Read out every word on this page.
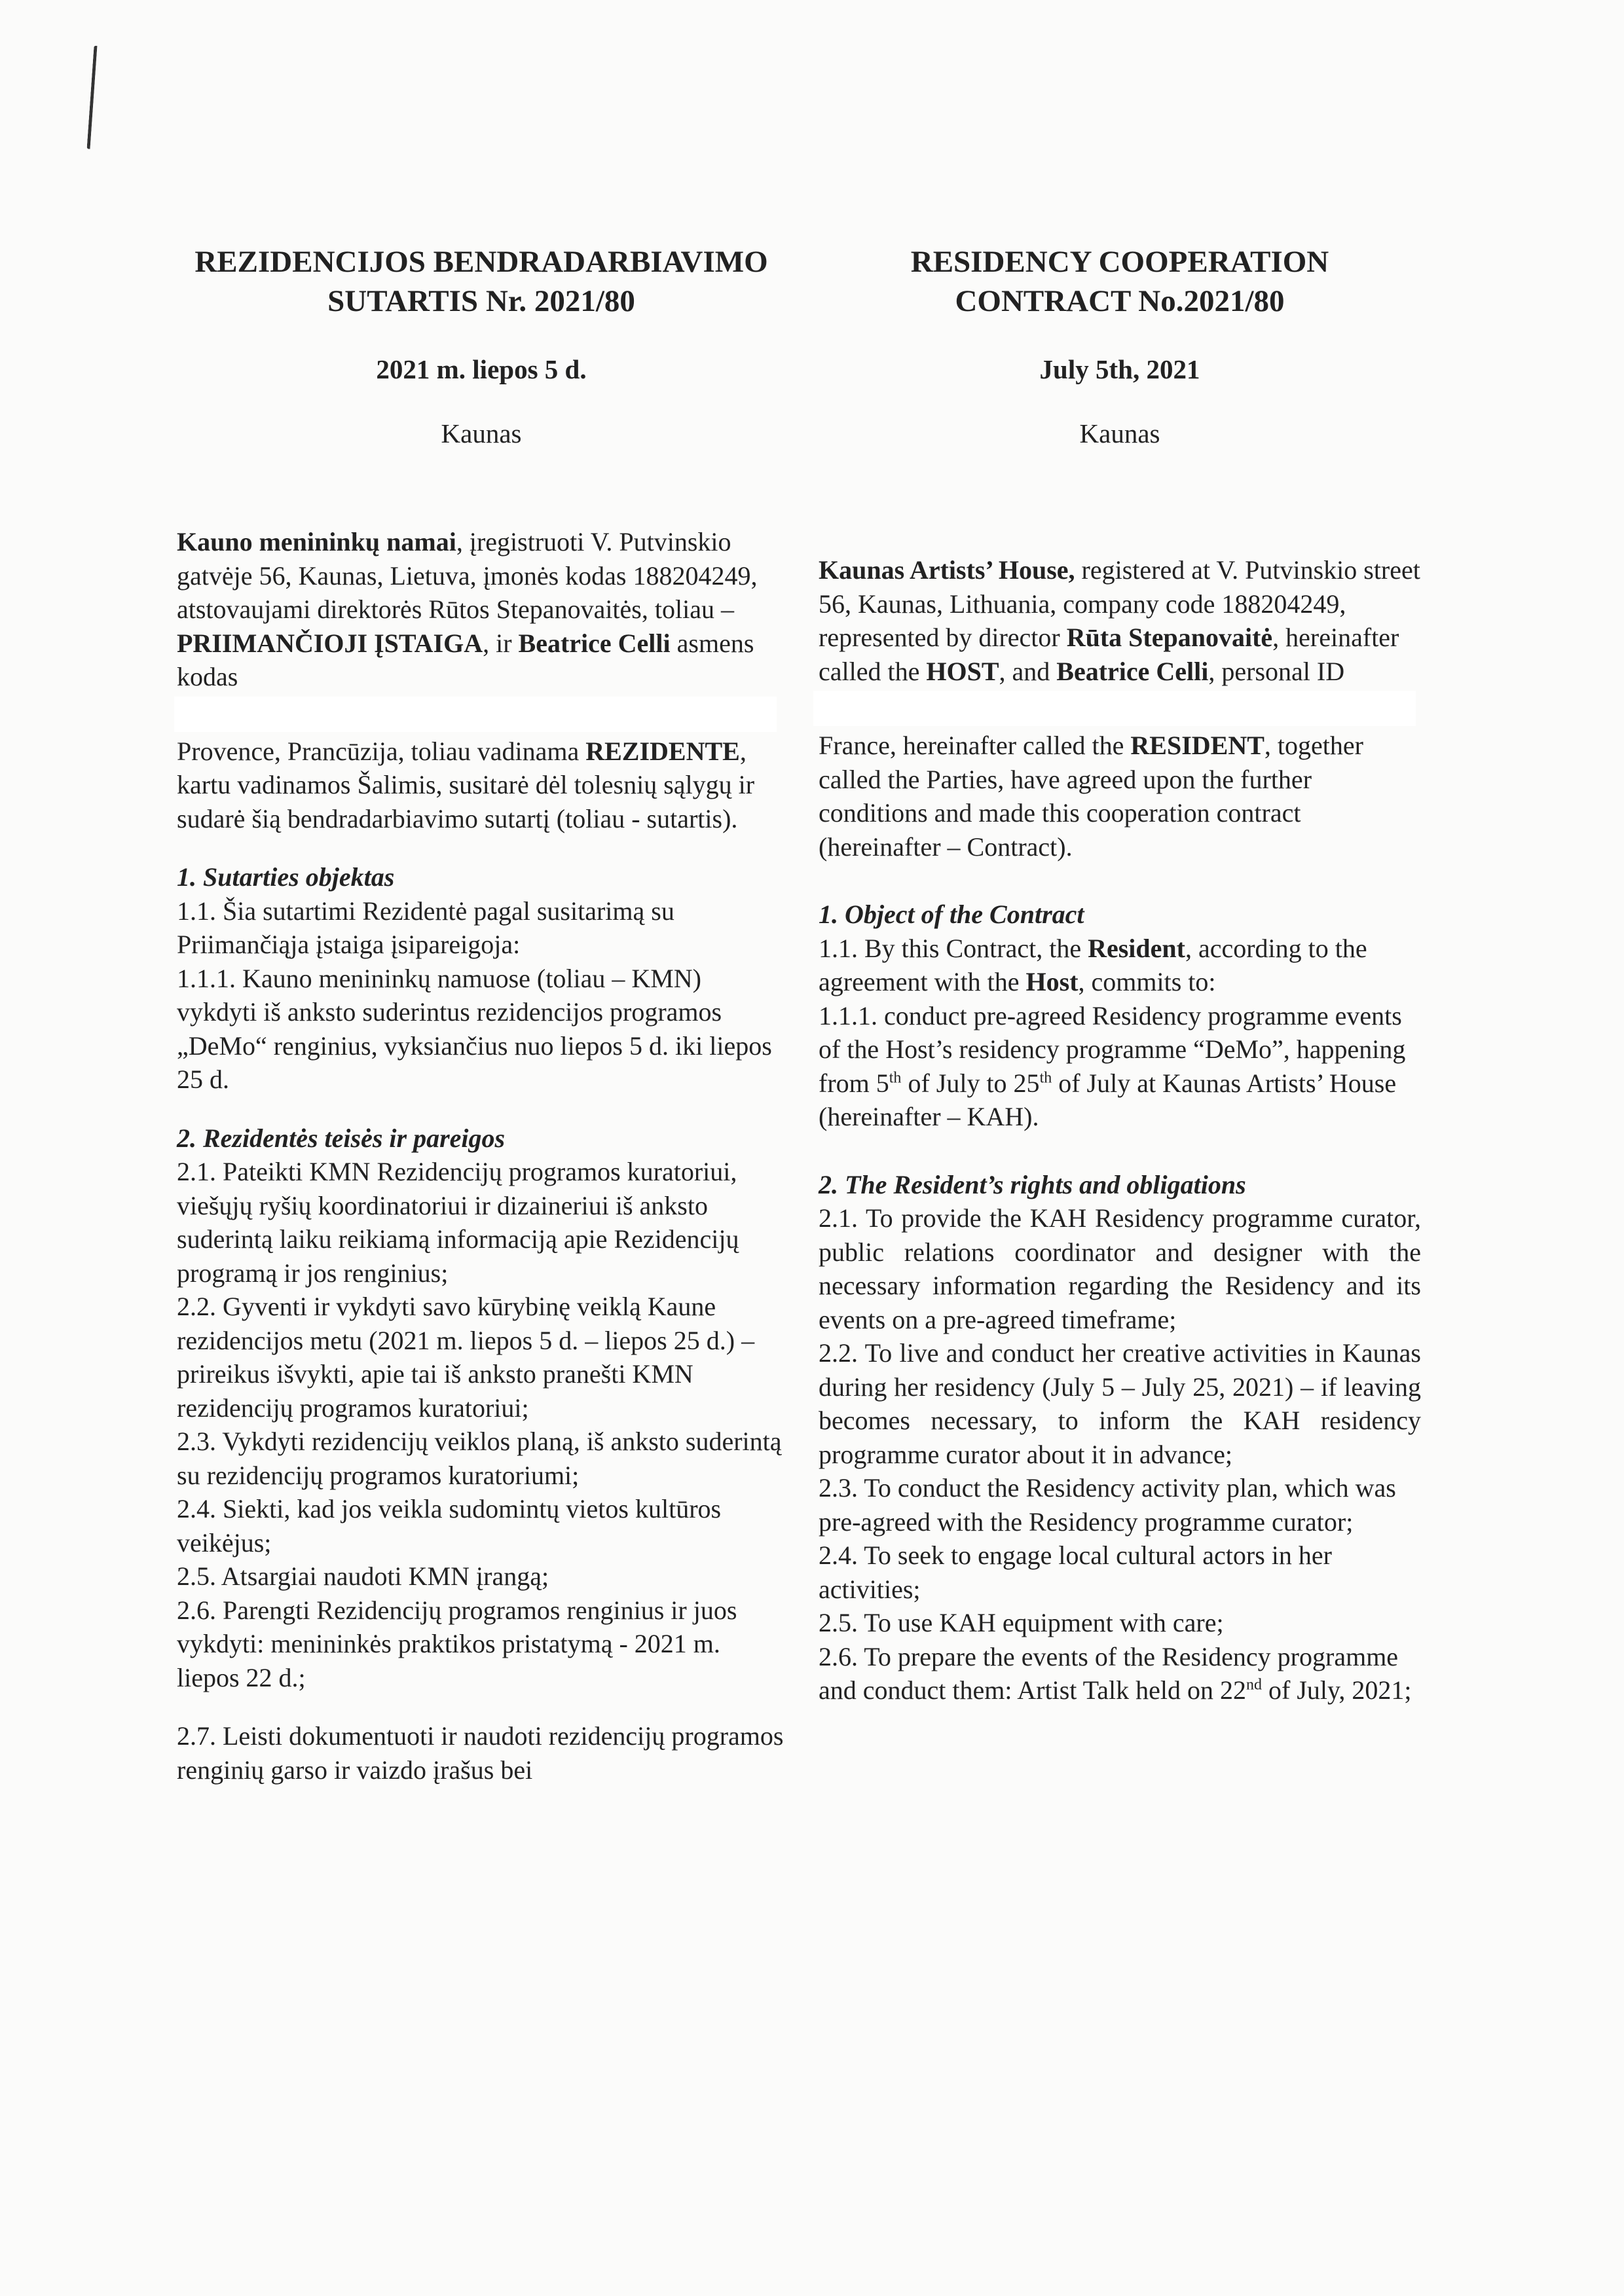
REZIDENCIJOS BENDRADARBIAVIMO
SUTARTIS Nr. 2021/80

2021 m. liepos 5 d.

Kaunas

Kauno menininkų namai, įregistruoti V. Putvinskio gatvėje 56, Kaunas, Lietuva, įmonės kodas 188204249, atstovaujami direktorės Rūtos Stepanovaitės, toliau – PRIIMANČIOJI ĮSTAIGA, ir Beatrice Celli asmens kodas

Provence, Prancūzija, toliau vadinama REZIDENTE, kartu vadinamos Šalimis, susitarė dėl tolesnių sąlygų ir sudarė šią bendradarbiavimo sutartį (toliau - sutartis).

1. Sutarties objektas

1.1. Šia sutartimi Rezidentė pagal susitarimą su Priimančiąja įstaiga įsipareigoja:

1.1.1. Kauno menininkų namuose (toliau – KMN) vykdyti iš anksto suderintus rezidencijos programos „DeMo“ renginius, vyksiančius nuo liepos 5 d. iki liepos 25 d.

2. Rezidentės teisės ir pareigos

2.1. Pateikti KMN Rezidencijų programos kuratoriui, viešųjų ryšių koordinatoriui ir dizaineriui iš anksto suderintą laiku reikiamą informaciją apie Rezidencijų programą ir jos renginius;

2.2. Gyventi ir vykdyti savo kūrybinę veiklą Kaune rezidencijos metu (2021 m. liepos 5 d. – liepos 25 d.) – prireikus išvykti, apie tai iš anksto pranešti KMN rezidencijų programos kuratoriui;

2.3. Vykdyti rezidencijų veiklos planą, iš anksto suderintą su rezidencijų programos kuratoriumi;

2.4. Siekti, kad jos veikla sudomintų vietos kultūros veikėjus;

2.5. Atsargiai naudoti KMN įrangą;

2.6. Parengti Rezidencijų programos renginius ir juos vykdyti: menininkės praktikos pristatymą - 2021 m. liepos 22 d.;

2.7. Leisti dokumentuoti ir naudoti rezidencijų programos renginių garso ir vaizdo įrašus bei

RESIDENCY COOPERATION
CONTRACT No.2021/80

July 5th, 2021

Kaunas

Kaunas Artists’ House, registered at V. Putvinskio street 56, Kaunas, Lithuania, company code 188204249, represented by director Rūta Stepanovaitė, hereinafter called the HOST, and Beatrice Celli, personal ID

France, hereinafter called the RESIDENT, together called the Parties, have agreed upon the further conditions and made this cooperation contract (hereinafter – Contract).

1. Object of the Contract

1.1. By this Contract, the Resident, according to the agreement with the Host, commits to:

1.1.1. conduct pre-agreed Residency programme events of the Host’s residency programme “DeMo”, happening from 5th of July to 25th of July at Kaunas Artists’ House (hereinafter – KAH).

2. The Resident’s rights and obligations

2.1. To provide the KAH Residency programme curator, public relations coordinator and designer with the necessary information regarding the Residency and its events on a pre-agreed timeframe;

2.2. To live and conduct her creative activities in Kaunas during her residency (July 5 – July 25, 2021) – if leaving becomes necessary, to inform the KAH residency programme curator about it in advance;

2.3. To conduct the Residency activity plan, which was pre-agreed with the Residency programme curator;

2.4. To seek to engage local cultural actors in her activities;

2.5. To use KAH equipment with care;

2.6. To prepare the events of the Residency programme and conduct them: Artist Talk held on 22nd of July, 2021;
